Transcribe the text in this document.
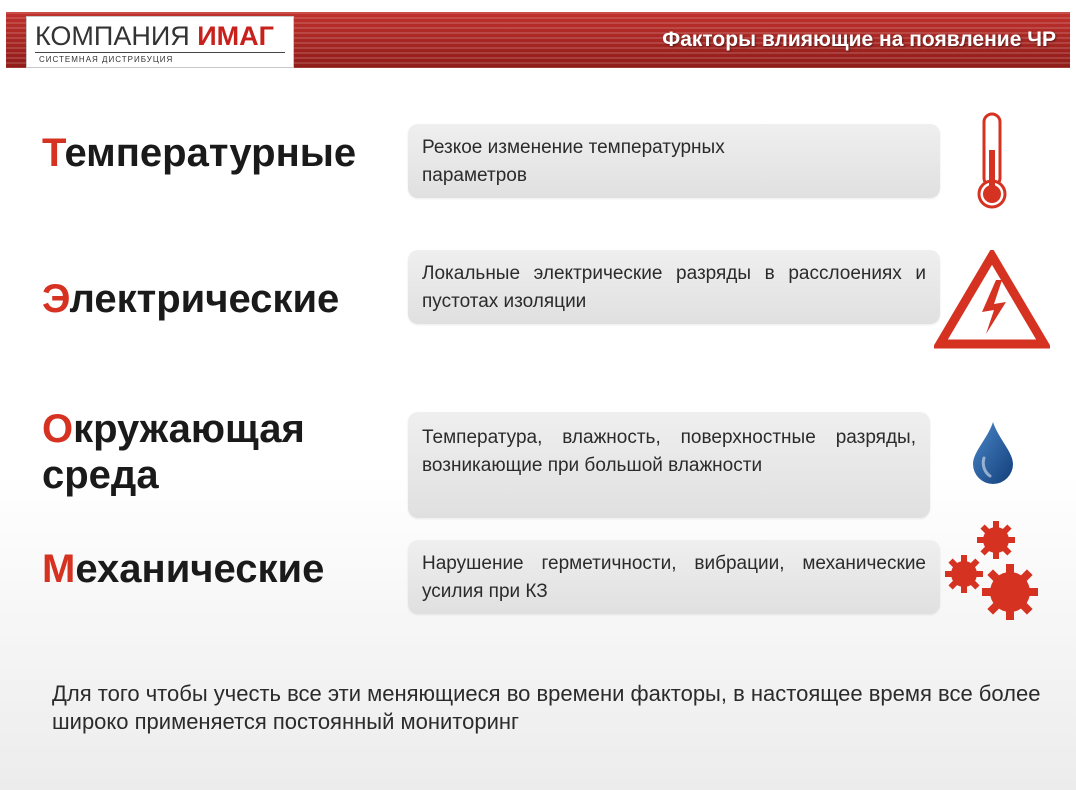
КОМПАНИЯ ИМАГ
СИСТЕМНАЯ ДИСТРИБУЦИЯ
Факторы влияющие на появление ЧР
Температурные	Резкое изменение температурных параметров
Электрические
Локальные электрические разряды в расслоениях и пустотах изоляции
Окружающая
среда
Температура, влажность, поверхностные разряды, возникающие при большой влажности
Механические	Нарушение герметичности, вибрации, механические усилия при КЗ
Для того чтобы учесть все эти меняющиеся во времени факторы, в настоящее время все более широко применяется постоянный мониторинг
